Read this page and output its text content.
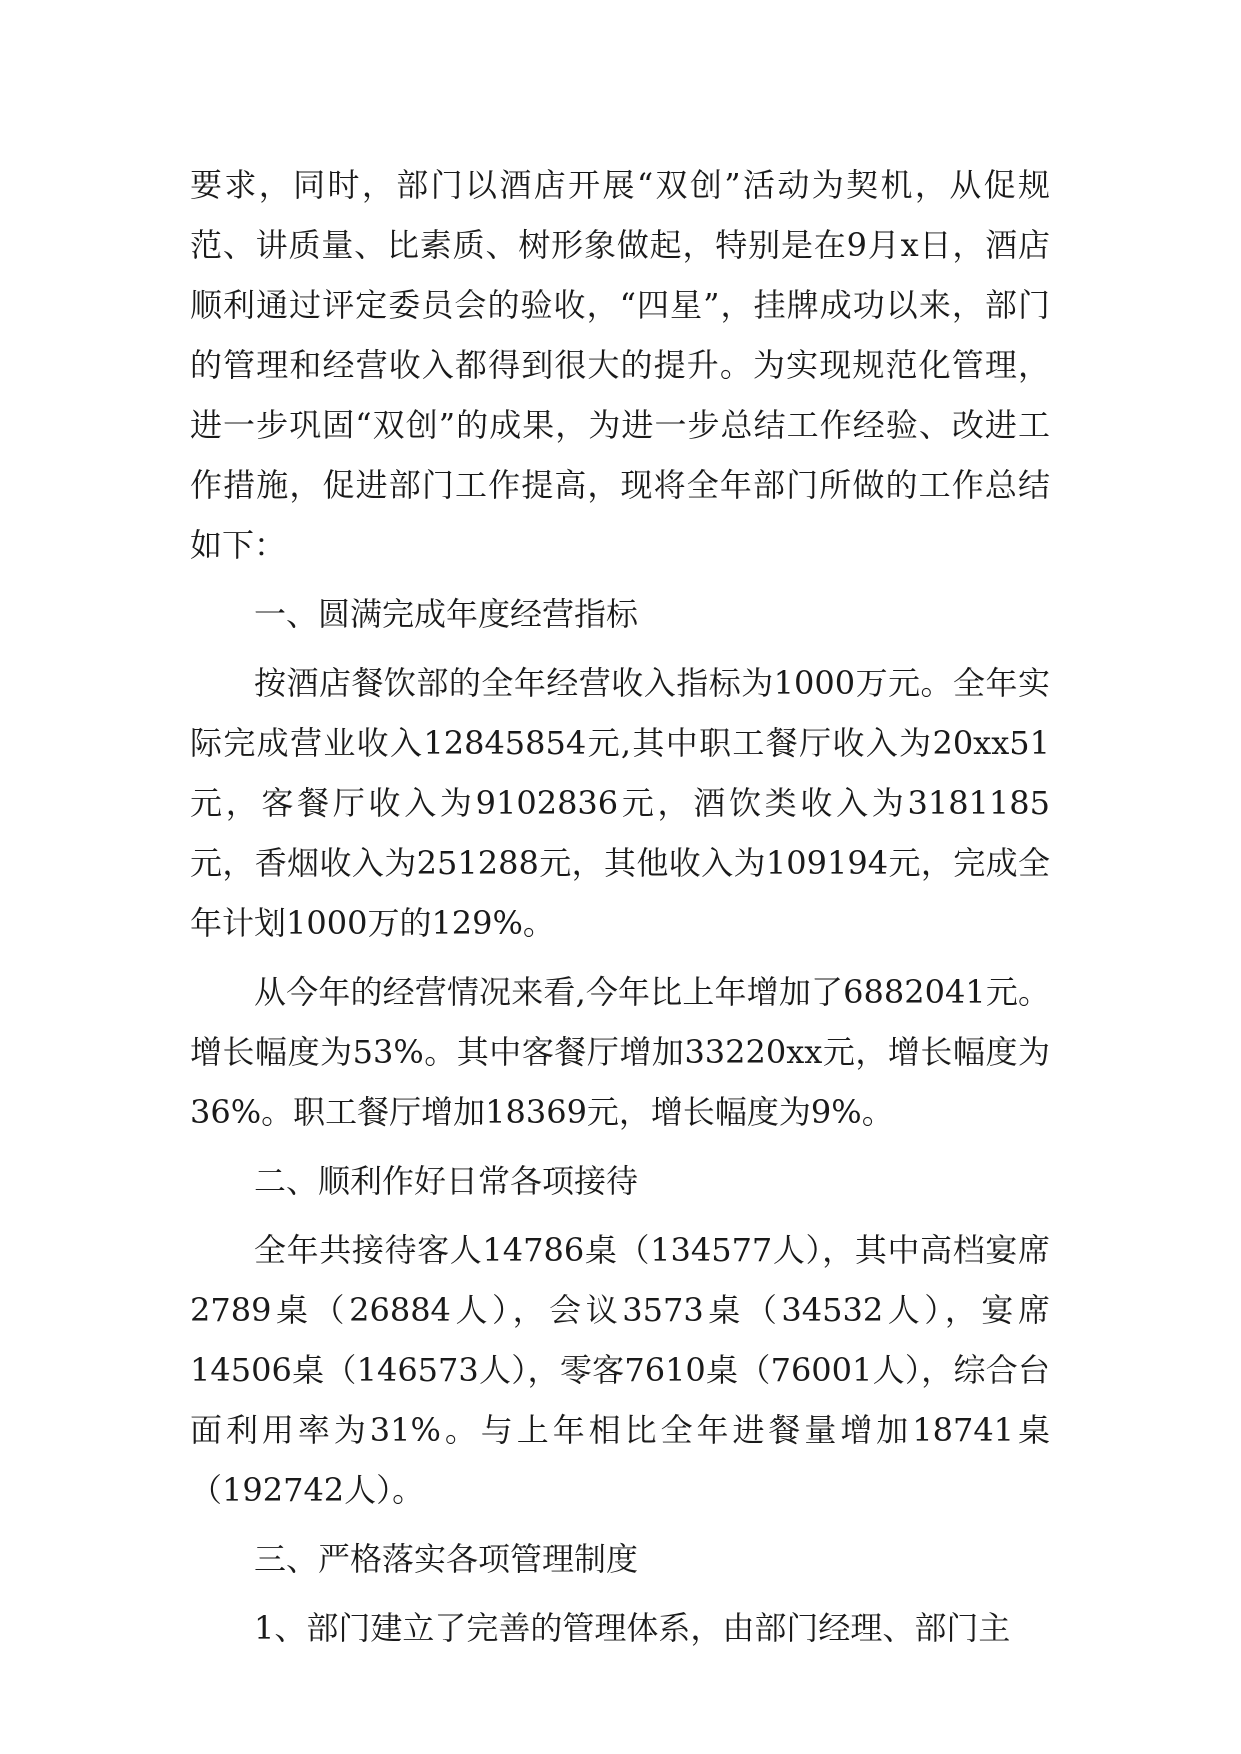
要求，同时，部门以酒店开展“双创”活动为契机，从促规范、讲质量、比素质、树形象做起，特别是在9月x日，酒店顺利通过评定委员会的验收，“四星”，挂牌成功以来，部门的管理和经营收入都得到很大的提升。为实现规范化管理，进一步巩固“双创”的成果，为进一步总结工作经验、改进工作措施，促进部门工作提高，现将全年部门所做的工作总结如下：

一、圆满完成年度经营指标

按酒店餐饮部的全年经营收入指标为1000万元。全年实际完成营业收入12845854元,其中职工餐厅收入为20xx51元，客餐厅收入为9102836元，酒饮类收入为3181185元，香烟收入为251288元，其他收入为109194元，完成全年计划1000万的129%。

从今年的经营情况来看,今年比上年增加了6882041元。增长幅度为53%。其中客餐厅增加33220xx元，增长幅度为36%。职工餐厅增加18369元，增长幅度为9%。

二、顺利作好日常各项接待

全年共接待客人14786桌（134577人），其中高档宴席2789桌（26884人），会议3573桌（34532人），宴席14506桌（146573人），零客7610桌（76001人），综合台面利用率为31%。与上年相比全年进餐量增加18741桌（192742人）。

三、严格落实各项管理制度

1、部门建立了完善的管理体系，由部门经理、部门主
